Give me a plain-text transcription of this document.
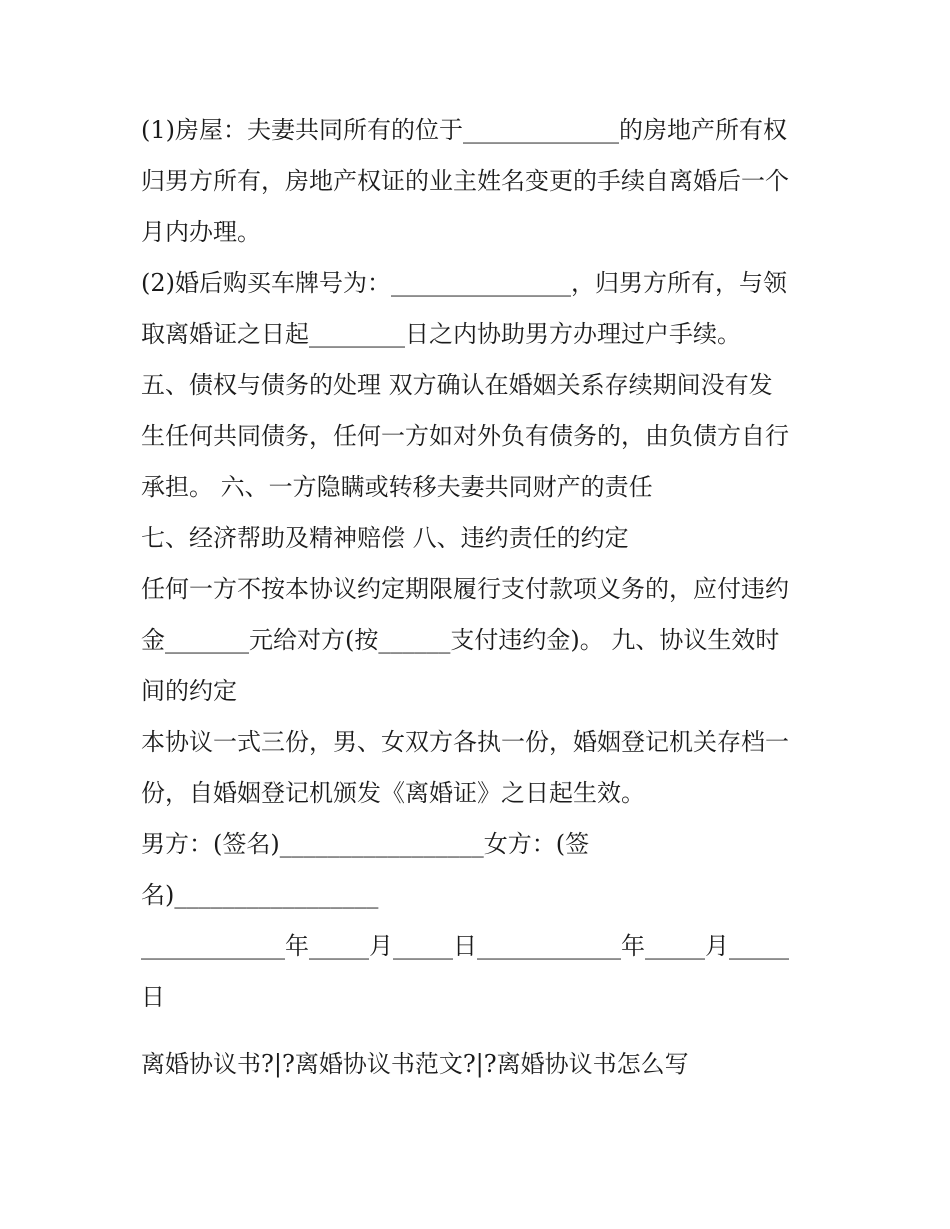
(1)房屋：夫妻共同所有的位于_____________的房地产所有权
归男方所有，房地产权证的业主姓名变更的手续自离婚后一个
月内办理。
(2)婚后购买车牌号为：_______________，归男方所有，与领
取离婚证之日起________日之内协助男方办理过户手续。
五、债权与债务的处理 双方确认在婚姻关系存续期间没有发
生任何共同债务，任何一方如对外负有债务的，由负债方自行
承担。 六、一方隐瞒或转移夫妻共同财产的责任
七、经济帮助及精神赔偿 八、违约责任的约定
任何一方不按本协议约定期限履行支付款项义务的，应付违约
金_______元给对方(按______支付违约金)。 九、协议生效时
间的约定
本协议一式三份，男、女双方各执一份，婚姻登记机关存档一
份，自婚姻登记机颁发《离婚证》之日起生效。
男方：(签名)_________________女方：(签
名)_________________
____________年_____月_____日____________年_____月_____
日
离婚协议书?|?离婚协议书范文?|?离婚协议书怎么写
